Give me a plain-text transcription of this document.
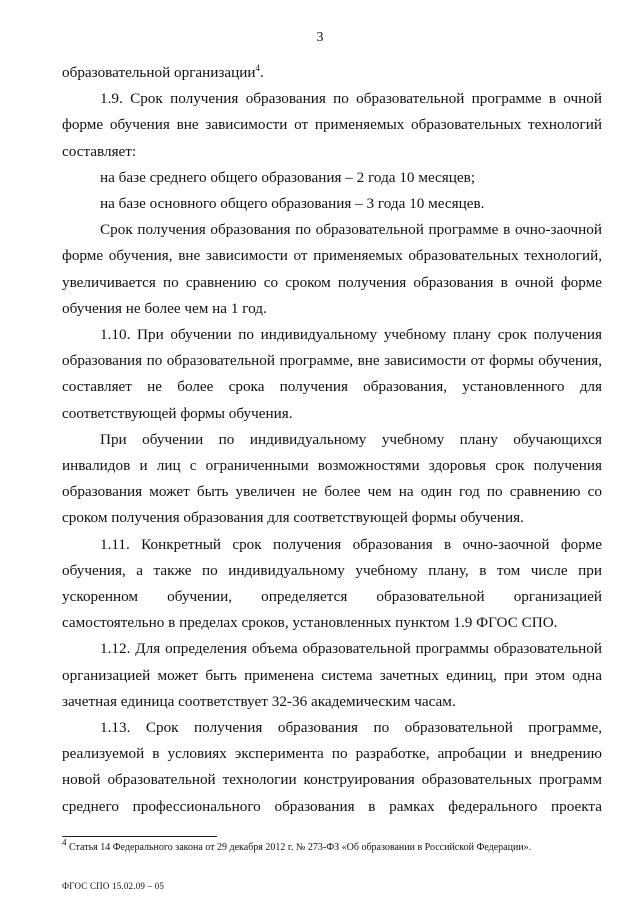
3

образовательной организации$^4$.

1.9. Срок получения образования по образовательной программе в очной форме обучения вне зависимости от применяемых образовательных технологий составляет:

на базе среднего общего образования – 2 года 10 месяцев;

на базе основного общего образования – 3 года 10 месяцев.

Срок получения образования по образовательной программе в очно-заочной форме обучения, вне зависимости от применяемых образовательных технологий, увеличивается по сравнению со сроком получения образования в очной форме обучения не более чем на 1 год.

1.10. При обучении по индивидуальному учебному плану срок получения образования по образовательной программе, вне зависимости от формы обучения, составляет не более срока получения образования, установленного для соответствующей формы обучения.

При обучении по индивидуальному учебному плану обучающихся инвалидов и лиц с ограниченными возможностями здоровья срок получения образования может быть увеличен не более чем на один год по сравнению со сроком получения образования для соответствующей формы обучения.

1.11. Конкретный срок получения образования в очно-заочной форме обучения, а также по индивидуальному учебному плану, в том числе при ускоренном обучении, определяется образовательной организацией самостоятельно в пределах сроков, установленных пунктом 1.9 ФГОС СПО.

1.12. Для определения объема образовательной программы образовательной организацией может быть применена система зачетных единиц, при этом одна зачетная единица соответствует 32-36 академическим часам.

1.13. Срок получения образования по образовательной программе, реализуемой в условиях эксперимента по разработке, апробации и внедрению новой образовательной технологии конструирования образовательных программ среднего профессионального образования в рамках федерального проекта

$^4$ Статья 14 Федерального закона от 29 декабря 2012 г. № 273-ФЗ «Об образовании в Российской Федерации».
ФГОС СПО 15.02.09 – 05
